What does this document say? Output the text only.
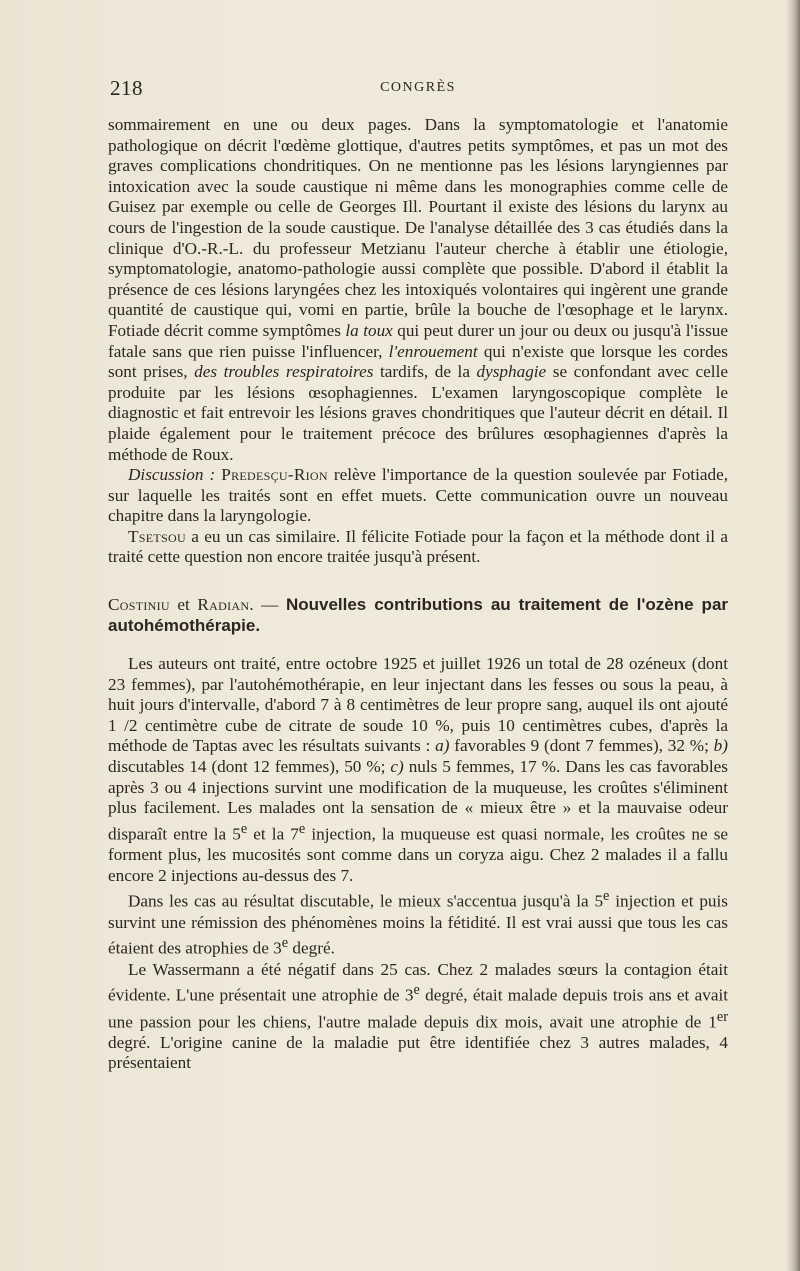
218	CONGRÈS

sommairement en une ou deux pages. Dans la symptomatologie et l'anatomie pathologique on décrit l'œdème glottique, d'autres petits symptômes, et pas un mot des graves complications chondritiques. On ne mentionne pas les lésions laryngiennes par intoxication avec la soude caustique ni même dans les monographies comme celle de Guisez par exemple ou celle de Georges Ill. Pourtant il existe des lésions du larynx au cours de l'ingestion de la soude caustique. De l'analyse détaillée des 3 cas étudiés dans la clinique d'O.-R.-L. du professeur Metzianu l'auteur cherche à établir une étiologie, symptomatologie, anatomo-pathologie aussi complète que possible. D'abord il établit la présence de ces lésions laryngées chez les intoxiqués volontaires qui ingèrent une grande quantité de caustique qui, vomi en partie, brûle la bouche de l'œsophage et le larynx. Fotiade décrit comme symptômes la toux qui peut durer un jour ou deux ou jusqu'à l'issue fatale sans que rien puisse l'influencer, l'enrouement qui n'existe que lorsque les cordes sont prises, des troubles respiratoires tardifs, de la dysphagie se confondant avec celle produite par les lésions œsophagiennes. L'examen laryngoscopique complète le diagnostic et fait entrevoir les lésions graves chondritiques que l'auteur décrit en détail. Il plaide également pour le traitement précoce des brûlures œsophagiennes d'après la méthode de Roux.

Discussion : Predesçu-Rion relève l'importance de la question soulevée par Fotiade, sur laquelle les traités sont en effet muets. Cette communication ouvre un nouveau chapitre dans la laryngologie.

Tsetsou a eu un cas similaire. Il félicite Fotiade pour la façon et la méthode dont il a traité cette question non encore traitée jusqu'à présent.

Costiniu et Radian. — Nouvelles contributions au traitement de l'ozène par autohémothérapie.

Les auteurs ont traité, entre octobre 1925 et juillet 1926 un total de 28 ozéneux (dont 23 femmes), par l'autohémothérapie, en leur injectant dans les fesses ou sous la peau, à huit jours d'intervalle, d'abord 7 à 8 centimètres de leur propre sang, auquel ils ont ajouté 1 /2 centimètre cube de citrate de soude 10 %, puis 10 centimètres cubes, d'après la méthode de Taptas avec les résultats suivants : a) favorables 9 (dont 7 femmes), 32 %; b) discutables 14 (dont 12 femmes), 50 %; c) nuls 5 femmes, 17 %. Dans les cas favorables après 3 ou 4 injections survint une modification de la muqueuse, les croûtes s'éliminent plus facilement. Les malades ont la sensation de « mieux être » et la mauvaise odeur disparaît entre la 5e et la 7e injection, la muqueuse est quasi normale, les croûtes ne se forment plus, les mucosités sont comme dans un coryza aigu. Chez 2 malades il a fallu encore 2 injections au-dessus des 7.

Dans les cas au résultat discutable, le mieux s'accentua jusqu'à la 5e injection et puis survint une rémission des phénomènes moins la fétidité. Il est vrai aussi que tous les cas étaient des atrophies de 3e degré.

Le Wassermann a été négatif dans 25 cas. Chez 2 malades sœurs la contagion était évidente. L'une présentait une atrophie de 3e degré, était malade depuis trois ans et avait une passion pour les chiens, l'autre malade depuis dix mois, avait une atrophie de 1er degré. L'origine canine de la maladie put être identifiée chez 3 autres malades, 4 présentaient
